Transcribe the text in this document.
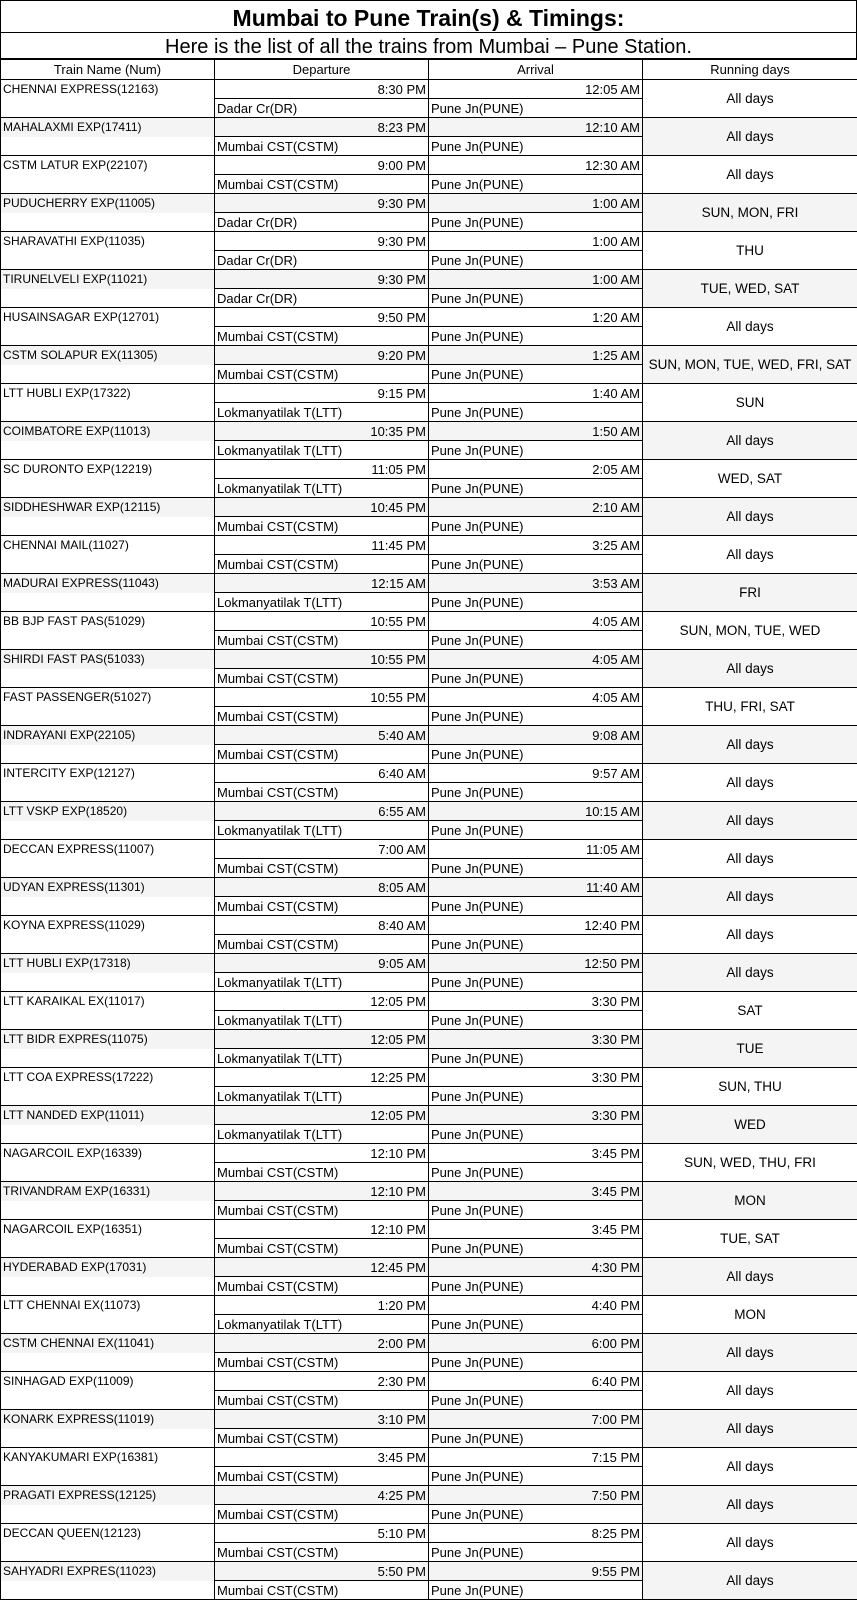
Mumbai to Pune Train(s) & Timings:
Here is the list of all the trains from Mumbai – Pune Station.
Train Name (Num)	Departure	Arrival	Running days
CHENNAI EXPRESS(12163)	8:30 PM	12:05 AM	All days
	Dadar Cr(DR)	Pune Jn(PUNE)	
MAHALAXMI EXP(17411)	8:23 PM	12:10 AM	All days
	Mumbai CST(CSTM)	Pune Jn(PUNE)	
CSTM LATUR EXP(22107)	9:00 PM	12:30 AM	All days
	Mumbai CST(CSTM)	Pune Jn(PUNE)	
PUDUCHERRY EXP(11005)	9:30 PM	1:00 AM	SUN, MON, FRI
	Dadar Cr(DR)	Pune Jn(PUNE)	
SHARAVATHI EXP(11035)	9:30 PM	1:00 AM	THU
	Dadar Cr(DR)	Pune Jn(PUNE)	
TIRUNELVELI EXP(11021)	9:30 PM	1:00 AM	TUE, WED, SAT
	Dadar Cr(DR)	Pune Jn(PUNE)	
HUSAINSAGAR EXP(12701)	9:50 PM	1:20 AM	All days
	Mumbai CST(CSTM)	Pune Jn(PUNE)	
CSTM SOLAPUR EX(11305)	9:20 PM	1:25 AM	SUN, MON, TUE, WED, FRI, SAT
	Mumbai CST(CSTM)	Pune Jn(PUNE)	
LTT HUBLI EXP(17322)	9:15 PM	1:40 AM	SUN
	Lokmanyatilak T(LTT)	Pune Jn(PUNE)	
COIMBATORE EXP(11013)	10:35 PM	1:50 AM	All days
	Lokmanyatilak T(LTT)	Pune Jn(PUNE)	
SC DURONTO EXP(12219)	11:05 PM	2:05 AM	WED, SAT
	Lokmanyatilak T(LTT)	Pune Jn(PUNE)	
SIDDHESHWAR EXP(12115)	10:45 PM	2:10 AM	All days
	Mumbai CST(CSTM)	Pune Jn(PUNE)	
CHENNAI MAIL(11027)	11:45 PM	3:25 AM	All days
	Mumbai CST(CSTM)	Pune Jn(PUNE)	
MADURAI EXPRESS(11043)	12:15 AM	3:53 AM	FRI
	Lokmanyatilak T(LTT)	Pune Jn(PUNE)	
BB BJP FAST PAS(51029)	10:55 PM	4:05 AM	SUN, MON, TUE, WED
	Mumbai CST(CSTM)	Pune Jn(PUNE)	
SHIRDI FAST PAS(51033)	10:55 PM	4:05 AM	All days
	Mumbai CST(CSTM)	Pune Jn(PUNE)	
FAST PASSENGER(51027)	10:55 PM	4:05 AM	THU, FRI, SAT
	Mumbai CST(CSTM)	Pune Jn(PUNE)	
INDRAYANI EXP(22105)	5:40 AM	9:08 AM	All days
	Mumbai CST(CSTM)	Pune Jn(PUNE)	
INTERCITY EXP(12127)	6:40 AM	9:57 AM	All days
	Mumbai CST(CSTM)	Pune Jn(PUNE)	
LTT VSKP EXP(18520)	6:55 AM	10:15 AM	All days
	Lokmanyatilak T(LTT)	Pune Jn(PUNE)	
DECCAN EXPRESS(11007)	7:00 AM	11:05 AM	All days
	Mumbai CST(CSTM)	Pune Jn(PUNE)	
UDYAN EXPRESS(11301)	8:05 AM	11:40 AM	All days
	Mumbai CST(CSTM)	Pune Jn(PUNE)	
KOYNA EXPRESS(11029)	8:40 AM	12:40 PM	All days
	Mumbai CST(CSTM)	Pune Jn(PUNE)	
LTT HUBLI EXP(17318)	9:05 AM	12:50 PM	All days
	Lokmanyatilak T(LTT)	Pune Jn(PUNE)	
LTT KARAIKAL EX(11017)	12:05 PM	3:30 PM	SAT
	Lokmanyatilak T(LTT)	Pune Jn(PUNE)	
LTT BIDR EXPRES(11075)	12:05 PM	3:30 PM	TUE
	Lokmanyatilak T(LTT)	Pune Jn(PUNE)	
LTT COA EXPRESS(17222)	12:25 PM	3:30 PM	SUN, THU
	Lokmanyatilak T(LTT)	Pune Jn(PUNE)	
LTT NANDED EXP(11011)	12:05 PM	3:30 PM	WED
	Lokmanyatilak T(LTT)	Pune Jn(PUNE)	
NAGARCOIL EXP(16339)	12:10 PM	3:45 PM	SUN, WED, THU, FRI
	Mumbai CST(CSTM)	Pune Jn(PUNE)	
TRIVANDRAM EXP(16331)	12:10 PM	3:45 PM	MON
	Mumbai CST(CSTM)	Pune Jn(PUNE)	
NAGARCOIL EXP(16351)	12:10 PM	3:45 PM	TUE, SAT
	Mumbai CST(CSTM)	Pune Jn(PUNE)	
HYDERABAD EXP(17031)	12:45 PM	4:30 PM	All days
	Mumbai CST(CSTM)	Pune Jn(PUNE)	
LTT CHENNAI EX(11073)	1:20 PM	4:40 PM	MON
	Lokmanyatilak T(LTT)	Pune Jn(PUNE)	
CSTM CHENNAI EX(11041)	2:00 PM	6:00 PM	All days
	Mumbai CST(CSTM)	Pune Jn(PUNE)	
SINHAGAD EXP(11009)	2:30 PM	6:40 PM	All days
	Mumbai CST(CSTM)	Pune Jn(PUNE)	
KONARK EXPRESS(11019)	3:10 PM	7:00 PM	All days
	Mumbai CST(CSTM)	Pune Jn(PUNE)	
KANYAKUMARI EXP(16381)	3:45 PM	7:15 PM	All days
	Mumbai CST(CSTM)	Pune Jn(PUNE)	
PRAGATI EXPRESS(12125)	4:25 PM	7:50 PM	All days
	Mumbai CST(CSTM)	Pune Jn(PUNE)	
DECCAN QUEEN(12123)	5:10 PM	8:25 PM	All days
	Mumbai CST(CSTM)	Pune Jn(PUNE)	
SAHYADRI EXPRES(11023)	5:50 PM	9:55 PM	All days
	Mumbai CST(CSTM)	Pune Jn(PUNE)	
